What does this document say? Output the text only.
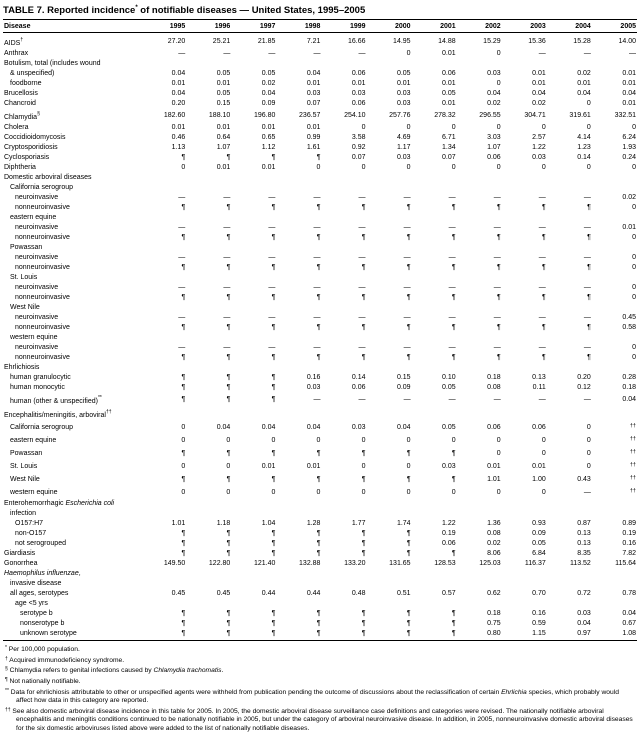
TABLE 7. Reported incidence* of notifiable diseases — United States, 1995–2005
Disease	1995	1996	1997	1998	1999	2000	2001	2002	2003	2004	2005
AIDS†	27.20	25.21	21.85	7.21	16.66	14.95	14.88	15.29	15.36	15.28	14.00
Anthrax	—	—	—	—	—	0	0.01	0	—	—	—
Botulism, total (includes wound											
& unspecified)	0.04	0.05	0.05	0.04	0.06	0.05	0.06	0.03	0.01	0.02	0.01
foodborne	0.01	0.01	0.02	0.01	0.01	0.01	0.01	0	0.01	0.01	0.01
Brucellosis	0.04	0.05	0.04	0.03	0.03	0.03	0.05	0.04	0.04	0.04	0.04
Chancroid	0.20	0.15	0.09	0.07	0.06	0.03	0.01	0.02	0.02	0	0.01
Chlamydia§	182.60	188.10	196.80	236.57	254.10	257.76	278.32	296.55	304.71	319.61	332.51
Cholera	0.01	0.01	0.01	0.01	0	0	0	0	0	0	0
Coccidioidomycosis	0.46	0.64	0.65	0.99	3.58	4.69	6.71	3.03	2.57	4.14	6.24
Cryptosporidiosis	1.13	1.07	1.12	1.61	0.92	1.17	1.34	1.07	1.22	1.23	1.93
Cyclosporiasis	¶	¶	¶	¶	0.07	0.03	0.07	0.06	0.03	0.14	0.24
Diphtheria	0	0.01	0.01	0	0	0	0	0	0	0	0
Domestic arboviral diseases											
California serogroup											
neuroinvasive	—	—	—	—	—	—	—	—	—	—	0.02
nonneuroinvasive	¶	¶	¶	¶	¶	¶	¶	¶	¶	¶	0
eastern equine											
neuroinvasive	—	—	—	—	—	—	—	—	—	—	0.01
nonneuroinvasive	¶	¶	¶	¶	¶	¶	¶	¶	¶	¶	0
Powassan											
neuroinvasive	—	—	—	—	—	—	—	—	—	—	0
nonneuroinvasive	¶	¶	¶	¶	¶	¶	¶	¶	¶	¶	0
St. Louis											
neuroinvasive	—	—	—	—	—	—	—	—	—	—	0
nonneuroinvasive	¶	¶	¶	¶	¶	¶	¶	¶	¶	¶	0
West Nile											
neuroinvasive	—	—	—	—	—	—	—	—	—	—	0.45
nonneuroinvasive	¶	¶	¶	¶	¶	¶	¶	¶	¶	¶	0.58
western equine											
neuroinvasive	—	—	—	—	—	—	—	—	—	—	0
nonneuroinvasive	¶	¶	¶	¶	¶	¶	¶	¶	¶	¶	0
Ehrlichiosis											
human granulocytic	¶	¶	¶	0.16	0.14	0.15	0.10	0.18	0.13	0.20	0.28
human monocytic	¶	¶	¶	0.03	0.06	0.09	0.05	0.08	0.11	0.12	0.18
human (other & unspecified)**	¶	¶	¶	—	—	—	—	—	—	—	0.04
Encephalitis/meningitis, arboviral††											
California serogroup	0	0.04	0.04	0.04	0.03	0.04	0.05	0.06	0.06	0	††
eastern equine	0	0	0	0	0	0	0	0	0	0	††
Powassan	¶	¶	¶	¶	¶	¶	¶	0	0	0	††
St. Louis	0	0	0.01	0.01	0	0	0.03	0.01	0.01	0	††
West Nile	¶	¶	¶	¶	¶	¶	¶	1.01	1.00	0.43	††
western equine	0	0	0	0	0	0	0	0	0	—	††
Enterohemorrhagic Escherichia coli											
infection											
O157:H7	1.01	1.18	1.04	1.28	1.77	1.74	1.22	1.36	0.93	0.87	0.89
non-O157	¶	¶	¶	¶	¶	¶	0.19	0.08	0.09	0.13	0.19
not serogrouped	¶	¶	¶	¶	¶	¶	0.06	0.02	0.05	0.13	0.16
Giardiasis	¶	¶	¶	¶	¶	¶	¶	8.06	6.84	8.35	7.82
Gonorrhea	149.50	122.80	121.40	132.88	133.20	131.65	128.53	125.03	116.37	113.52	115.64
Haemophilus influenzae,											
invasive disease											
all ages, serotypes	0.45	0.45	0.44	0.44	0.48	0.51	0.57	0.62	0.70	0.72	0.78
age <5 yrs											
serotype b	¶	¶	¶	¶	¶	¶	¶	0.18	0.16	0.03	0.04
nonserotype b	¶	¶	¶	¶	¶	¶	¶	0.75	0.59	0.04	0.67
unknown serotype	¶	¶	¶	¶	¶	¶	¶	0.80	1.15	0.97	1.08
* Per 100,000 population.
† Acquired immunodeficiency syndrome.
§ Chlamydia refers to genital infections caused by Chlamydia trachomatis.
¶ Not nationally notifiable.
** Data for ehrlichiosis attributable to other or unspecified agents were withheld from publication pending the outcome of discussions about the reclassification of certain Ehrlichia species, which probably would affect how data in this category are reported.
†† See also domestic arboviral disease incidence in this table for 2005. In 2005, the domestic arboviral disease surveillance case definitions and categories were revised. The nationally notifiable arboviral encephalitis and meningitis conditions continued to be nationally notifiable in 2005, but under the category of arboviral neuroinvasive disease. In addition, in 2005, nonneuroinvasive domestic arboviral diseases for the six domestic arboviruses listed above were added to the list of nationally notifiable diseases.
